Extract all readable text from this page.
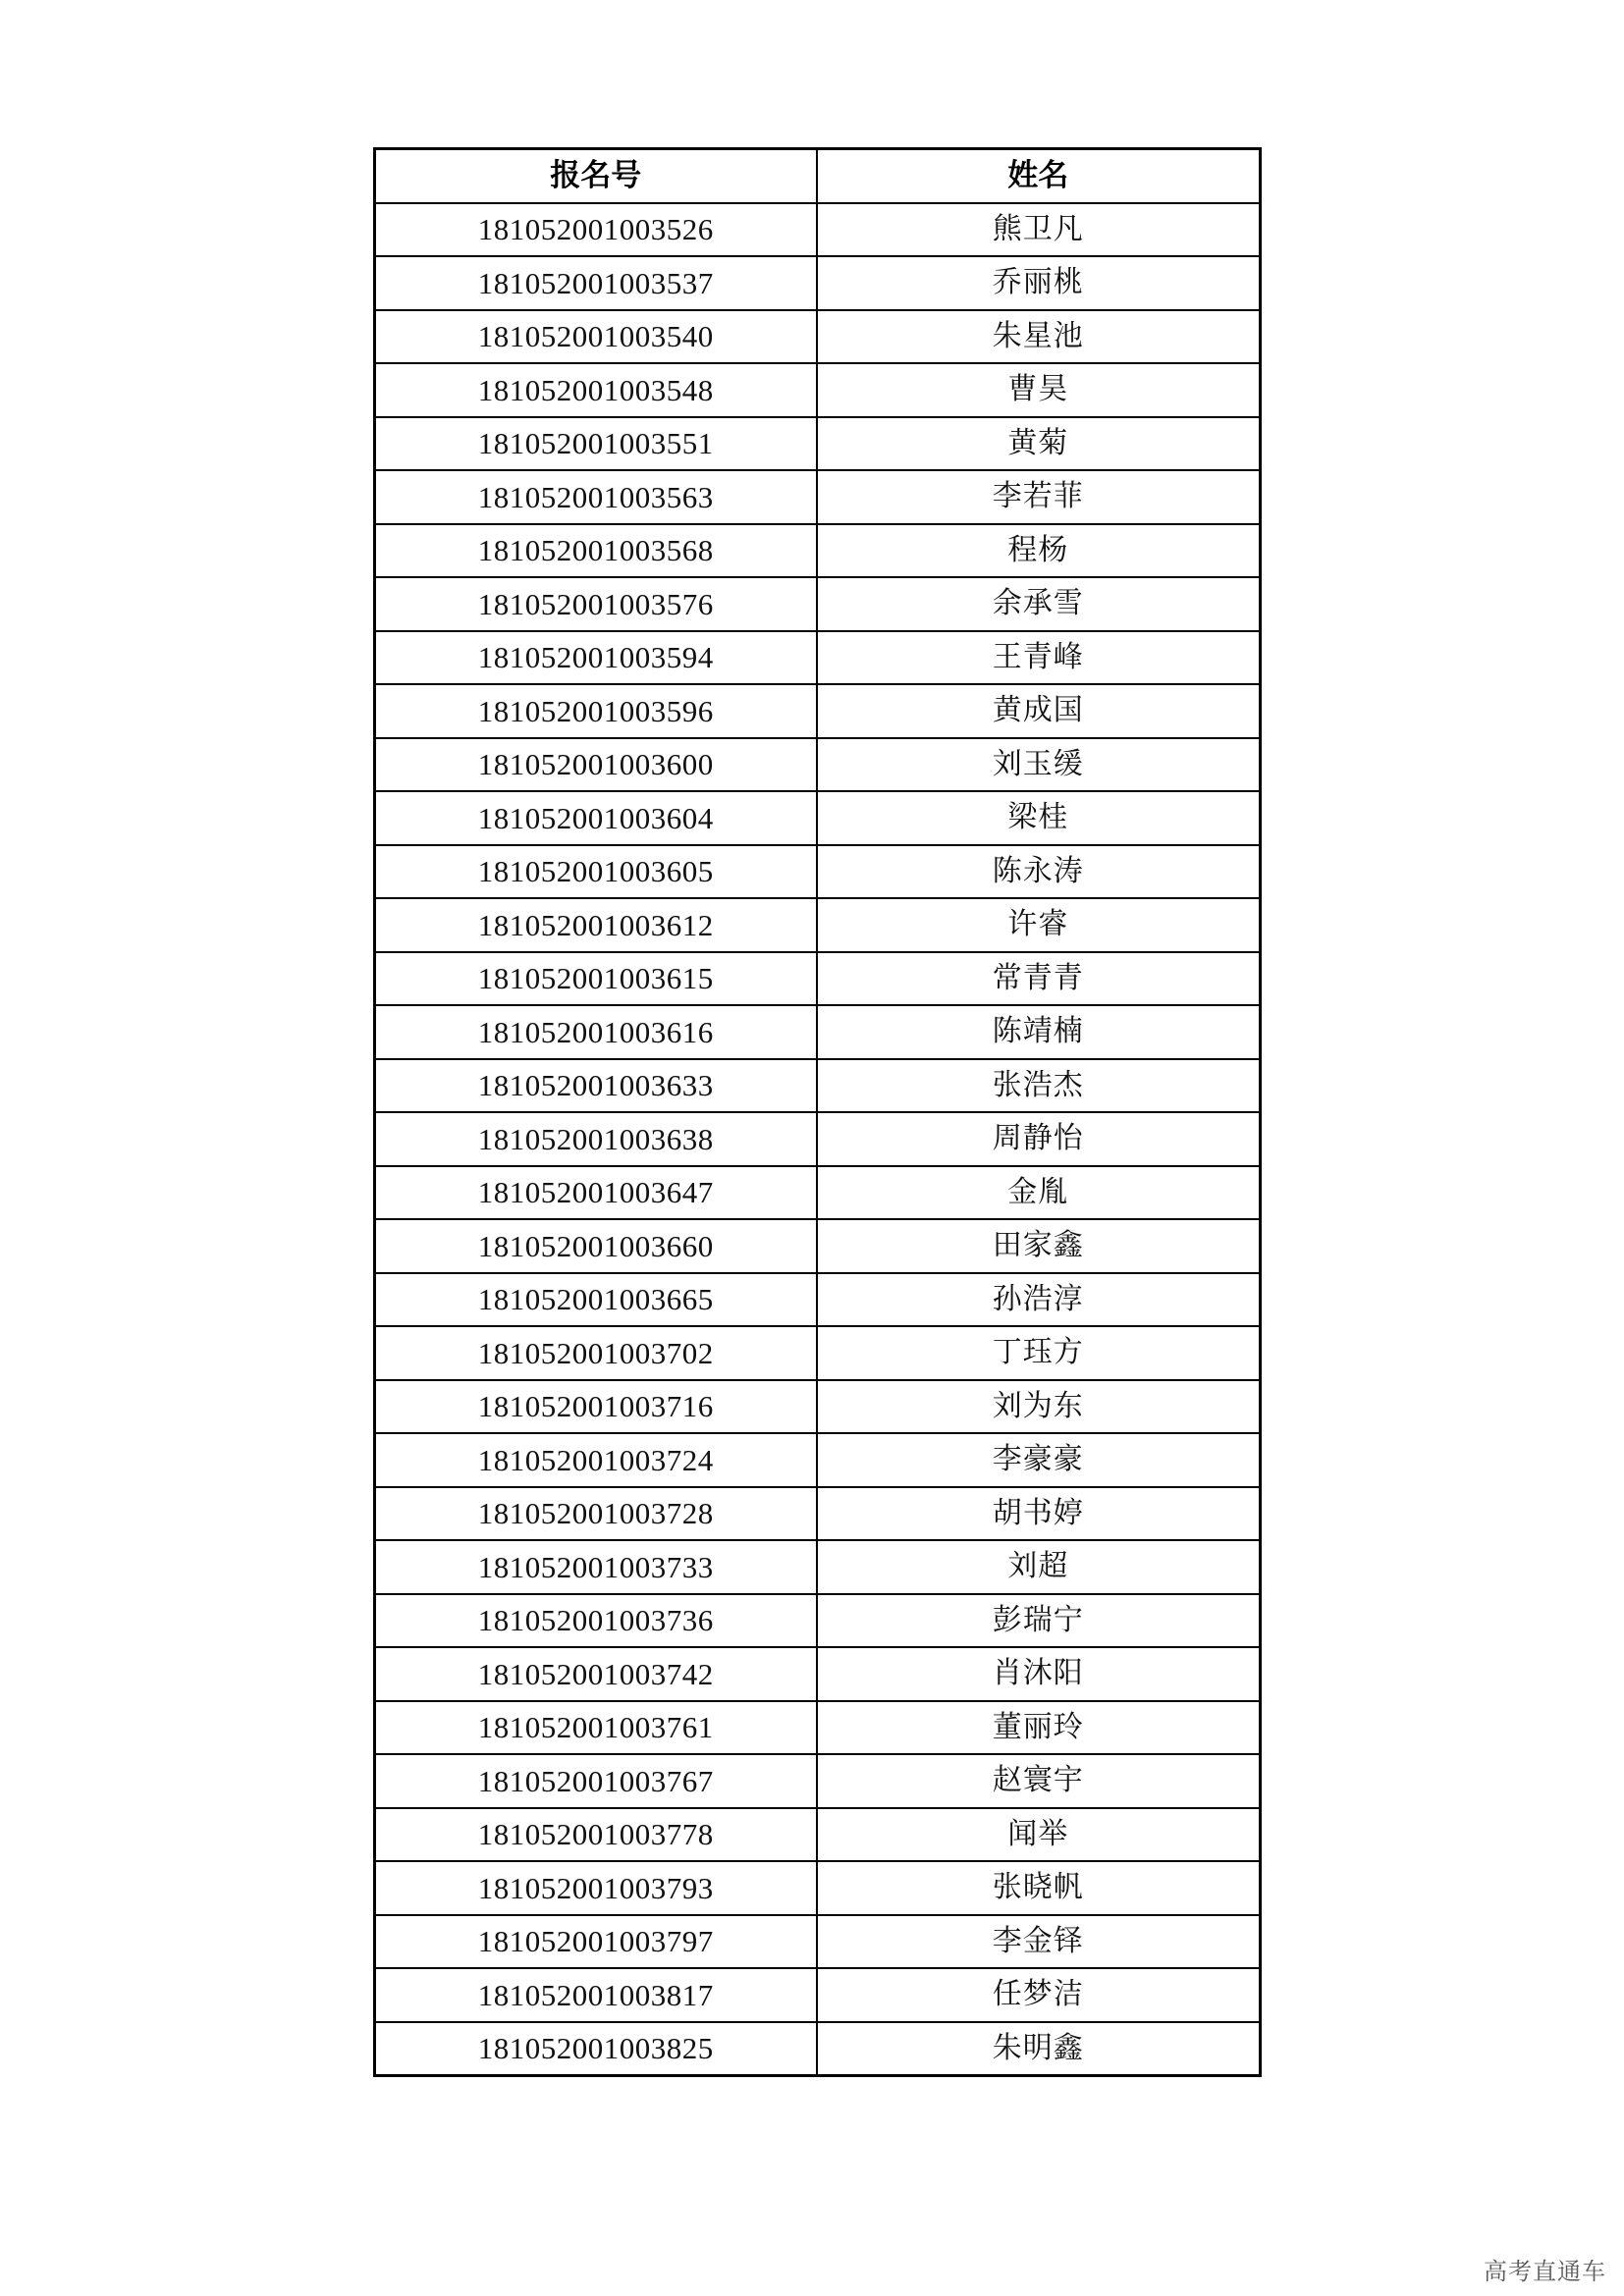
报名号	姓名
181052001003526	熊卫凡
181052001003537	乔丽桃
181052001003540	朱星池
181052001003548	曹昊
181052001003551	黄菊
181052001003563	李若菲
181052001003568	程杨
181052001003576	余承雪
181052001003594	王青峰
181052001003596	黄成国
181052001003600	刘玉缓
181052001003604	梁桂
181052001003605	陈永涛
181052001003612	许睿
181052001003615	常青青
181052001003616	陈靖楠
181052001003633	张浩杰
181052001003638	周静怡
181052001003647	金胤
181052001003660	田家鑫
181052001003665	孙浩淳
181052001003702	丁珏方
181052001003716	刘为东
181052001003724	李豪豪
181052001003728	胡书婷
181052001003733	刘超
181052001003736	彭瑞宁
181052001003742	肖沐阳
181052001003761	董丽玲
181052001003767	赵寰宇
181052001003778	闻举
181052001003793	张晓帆
181052001003797	李金铎
181052001003817	任梦洁
181052001003825	朱明鑫
高考直通车
